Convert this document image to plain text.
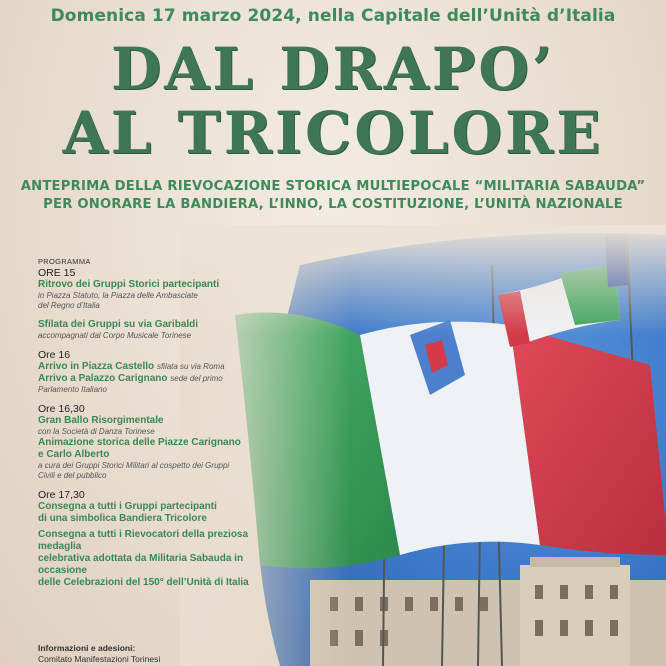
Domenica 17 marzo 2024, nella Capitale dell’Unità d’Italia
DAL DRAPO’
AL TRICOLORE
ANTEPRIMA DELLA RIEVOCAZIONE STORICA MULTIEPOCALE “MILITARIA SABAUDA”
PER ONORARE LA BANDIERA, L’INNO, LA COSTITUZIONE, L’UNITÀ NAZIONALE
PROGRAMMA
ORE 15
Ritrovo dei Gruppi Storici partecipanti
in Piazza Statuto, la Piazza delle Ambasciate
del Regno d’Italia
Sfilata dei Gruppi su via Garibaldi
accompagnati dal Corpo Musicale Torinese
Ore 16
Arrivo in Piazza Castello sfilata su via Roma
Arrivo a Palazzo Carignano sede del primo
Parlamento Italiano
Ore 16,30
Gran Ballo Risorgimentale
con la Società di Danza Torinese
Animazione storica delle Piazze Carignano
e Carlo Alberto
a cura dei Gruppi Storici Militari al cospetto dei Gruppi
Civili e del pubblico
Ore 17,30
Consegna a tutti i Gruppi partecipanti
di una simbolica Bandiera Tricolore
Consegna a tutti i Rievocatori della preziosa medaglia
celebrativa adottata da Militaria Sabauda in occasione
delle Celebrazioni del 150° dell’Unità di Italia
Informazioni e adesioni:
Comitato Manifestazioni Torinesi
